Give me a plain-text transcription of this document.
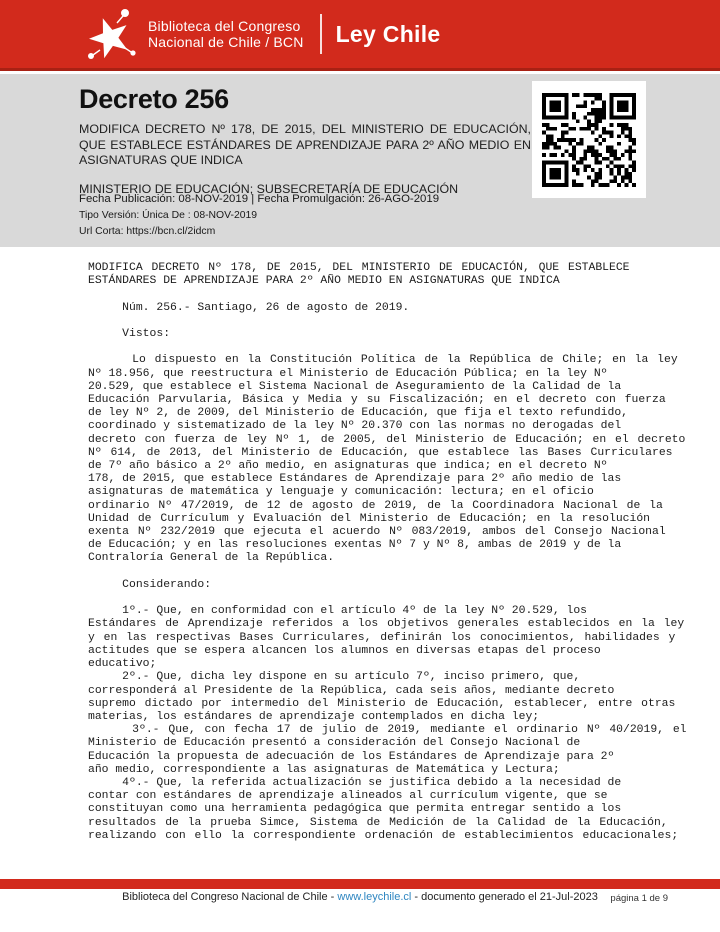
Biblioteca del Congreso
Nacional de Chile / BCN Ley Chile
Decreto 256
MODIFICA DECRETO Nº 178, DE 2015, DEL MINISTERIO DE EDUCACIÓN, QUE ESTABLECE ESTÁNDARES DE APRENDIZAJE PARA 2º AÑO MEDIO EN ASIGNATURAS QUE INDICA
MINISTERIO DE EDUCACIÓN; SUBSECRETARÍA DE EDUCACIÓN
Fecha Publicación: 08-NOV-2019 | Fecha Promulgación: 26-AGO-2019
Tipo Versión: Única De : 08-NOV-2019
Url Corta: https://bcn.cl/2idcm
MODIFICA DECRETO Nº 178, DE 2015, DEL MINISTERIO DE EDUCACIÓN, QUE ESTABLECE
ESTÁNDARES DE APRENDIZAJE PARA 2º AÑO MEDIO EN ASIGNATURAS QUE INDICA

Núm. 256.- Santiago, 26 de agosto de 2019.

Vistos:

Lo dispuesto en la Constitución Política de la República de Chile; en la ley
Nº 18.956, que reestructura el Ministerio de Educación Pública; en la ley Nº
20.529, que establece el Sistema Nacional de Aseguramiento de la Calidad de la
Educación Parvularia, Básica y Media y su Fiscalización; en el decreto con fuerza
de ley Nº 2, de 2009, del Ministerio de Educación, que fija el texto refundido,
coordinado y sistematizado de la ley Nº 20.370 con las normas no derogadas del
decreto con fuerza de ley Nº 1, de 2005, del Ministerio de Educación; en el decreto
Nº 614, de 2013, del Ministerio de Educación, que establece las Bases Curriculares
de 7º año básico a 2º año medio, en asignaturas que indica; en el decreto Nº
178, de 2015, que establece Estándares de Aprendizaje para 2º año medio de las
asignaturas de matemática y lenguaje y comunicación: lectura; en el oficio
ordinario Nº 47/2019, de 12 de agosto de 2019, de la Coordinadora Nacional de la
Unidad de Currículum y Evaluación del Ministerio de Educación; en la resolución
exenta Nº 232/2019 que ejecuta el acuerdo Nº 083/2019, ambos del Consejo Nacional
de Educación; y en las resoluciones exentas Nº 7 y Nº 8, ambas de 2019 y de la
Contraloría General de la República.

Considerando:

1º.- Que, en conformidad con el artículo 4º de la ley Nº 20.529, los
Estándares de Aprendizaje referidos a los objetivos generales establecidos en la ley
y en las respectivas Bases Curriculares, definirán los conocimientos, habilidades y
actitudes que se espera alcancen los alumnos en diversas etapas del proceso
educativo;
2º.- Que, dicha ley dispone en su artículo 7º, inciso primero, que,
corresponderá al Presidente de la República, cada seis años, mediante decreto
supremo dictado por intermedio del Ministerio de Educación, establecer, entre otras
materias, los estándares de aprendizaje contemplados en dicha ley;
3º.- Que, con fecha 17 de julio de 2019, mediante el ordinario Nº 40/2019, el
Ministerio de Educación presentó a consideración del Consejo Nacional de
Educación la propuesta de adecuación de los Estándares de Aprendizaje para 2º
año medio, correspondiente a las asignaturas de Matemática y Lectura;
4º.- Que, la referida actualización se justifica debido a la necesidad de
contar con estándares de aprendizaje alineados al currículum vigente, que se
constituyan como una herramienta pedagógica que permita entregar sentido a los
resultados de la prueba Simce, Sistema de Medición de la Calidad de la Educación,
realizando con ello la correspondiente ordenación de establecimientos educacionales;
Biblioteca del Congreso Nacional de Chile - www.leychile.cl - documento generado el 21-Jul-2023	página 1 de 9
